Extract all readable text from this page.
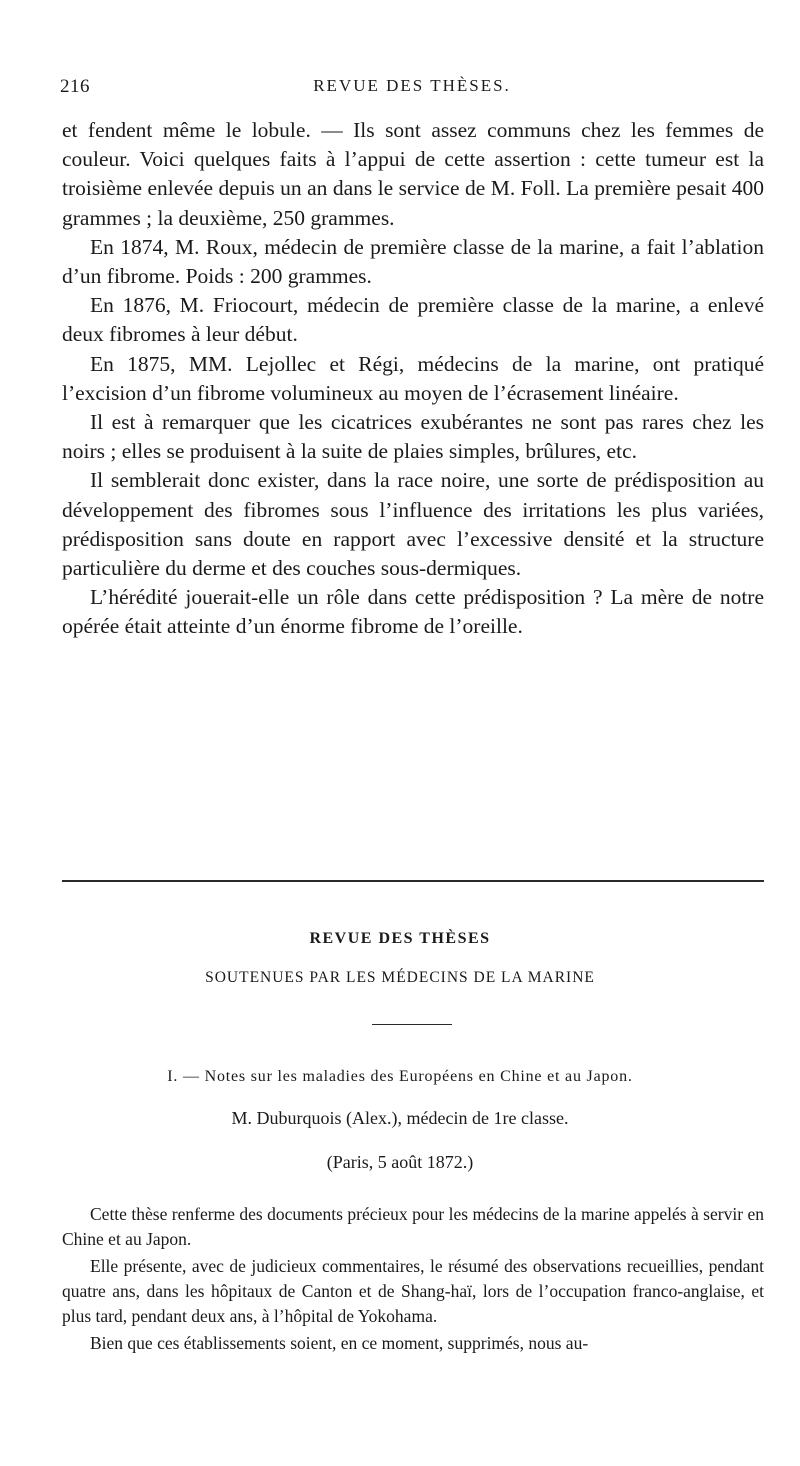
216	REVUE DES THÈSES.

et fendent même le lobule. — Ils sont assez communs chez les femmes de couleur. Voici quelques faits à l’appui de cette assertion : cette tumeur est la troisième enlevée depuis un an dans le service de M. Foll. La première pesait 400 grammes ; la deuxième, 250 grammes.

En 1874, M. Roux, médecin de première classe de la marine, a fait l’ablation d’un fibrome. Poids : 200 grammes.

En 1876, M. Friocourt, médecin de première classe de la marine, a enlevé deux fibromes à leur début.

En 1875, MM. Lejollec et Régi, médecins de la marine, ont pratiqué l’excision d’un fibrome volumineux au moyen de l’écrasement linéaire.

Il est à remarquer que les cicatrices exubérantes ne sont pas rares chez les noirs ; elles se produisent à la suite de plaies simples, brûlures, etc.

Il semblerait donc exister, dans la race noire, une sorte de prédisposition au développement des fibromes sous l’influence des irritations les plus variées, prédisposition sans doute en rapport avec l’excessive densité et la structure particulière du derme et des couches sous-dermiques.

L’hérédité jouerait-elle un rôle dans cette prédisposition ? La mère de notre opérée était atteinte d’un énorme fibrome de l’oreille.

REVUE DES THÈSES
SOUTENUES PAR LES MÉDECINS DE LA MARINE
I. — Notes sur les maladies des Européens en Chine et au Japon.
M. Duburquois (Alex.), médecin de 1re classe.
(Paris, 5 août 1872.)

Cette thèse renferme des documents précieux pour les médecins de la marine appelés à servir en Chine et au Japon.

Elle présente, avec de judicieux commentaires, le résumé des observations recueillies, pendant quatre ans, dans les hôpitaux de Canton et de Shang-haï, lors de l’occupation franco-anglaise, et plus tard, pendant deux ans, à l’hôpital de Yokohama.

Bien que ces établissements soient, en ce moment, supprimés, nous au-
